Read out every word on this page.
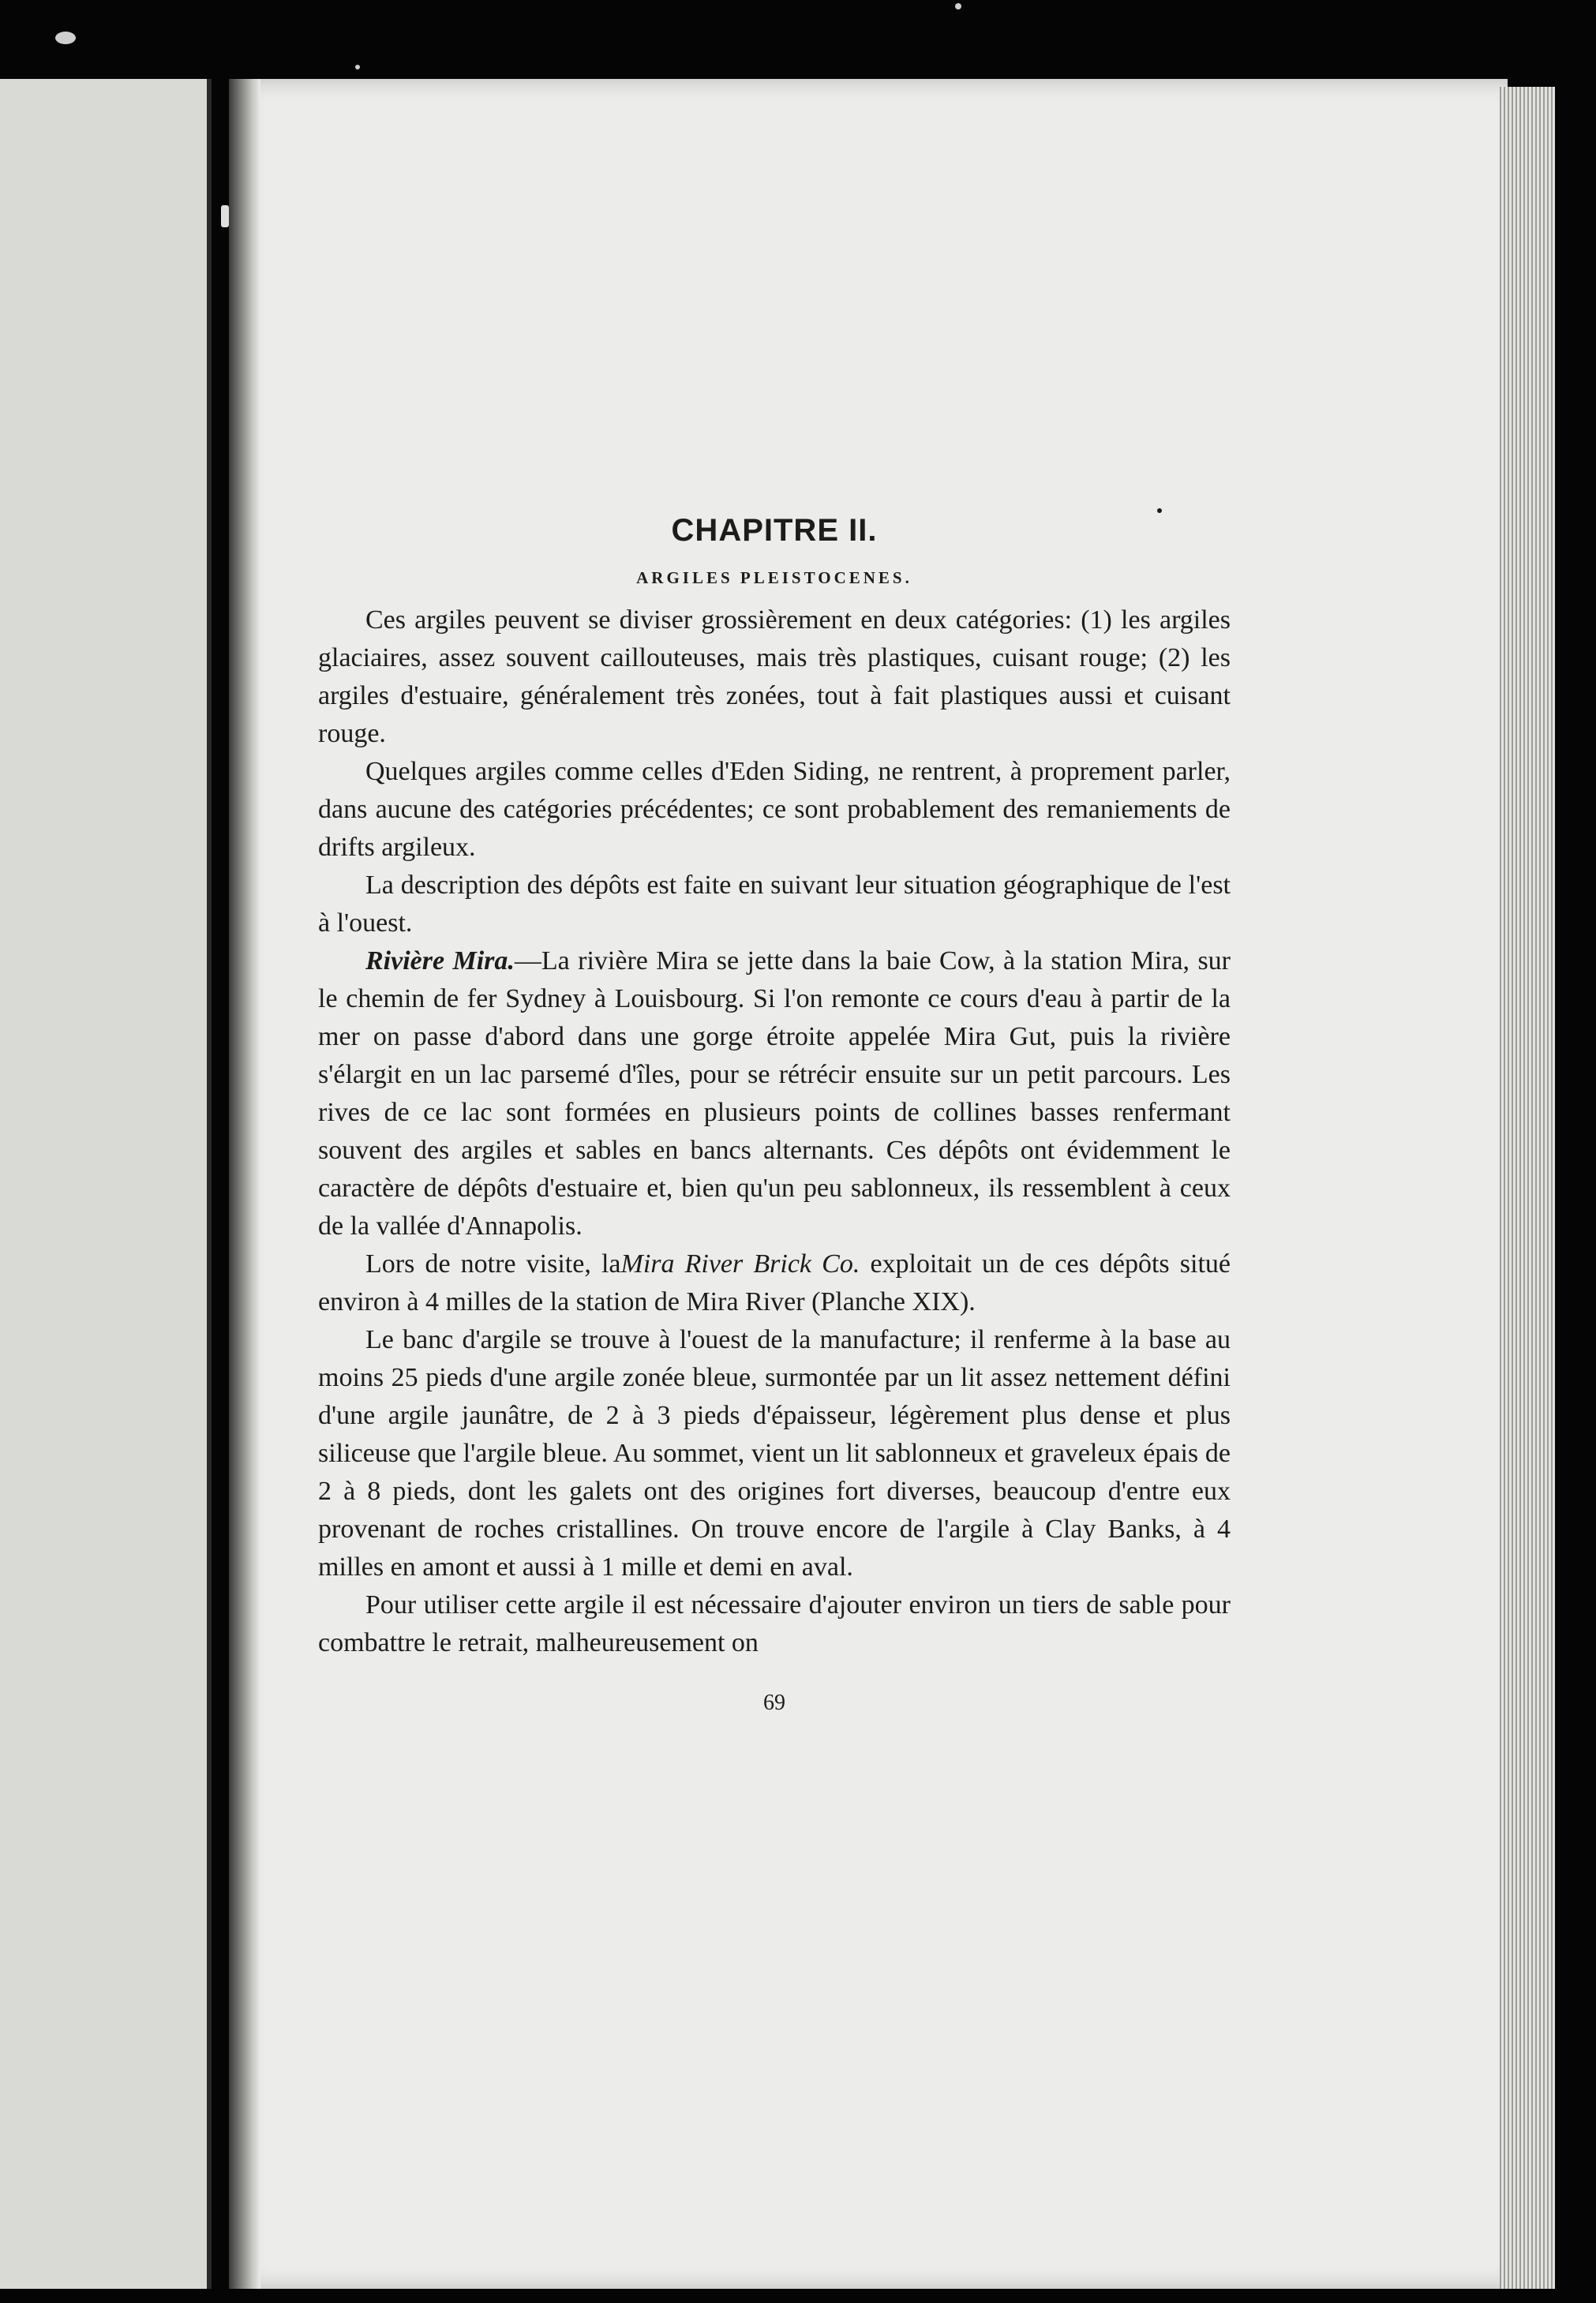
CHAPITRE II.
ARGILES PLEISTOCENES.

Ces argiles peuvent se diviser grossièrement en deux catégories: (1) les argiles glaciaires, assez souvent caillouteuses, mais très plastiques, cuisant rouge; (2) les argiles d'estuaire, généralement très zonées, tout à fait plastiques aussi et cuisant rouge.

Quelques argiles comme celles d'Eden Siding, ne rentrent, à proprement parler, dans aucune des catégories précédentes; ce sont probablement des remaniements de drifts argileux.

La description des dépôts est faite en suivant leur situation géographique de l'est à l'ouest.

Rivière Mira.—La rivière Mira se jette dans la baie Cow, à la station Mira, sur le chemin de fer Sydney à Louisbourg. Si l'on remonte ce cours d'eau à partir de la mer on passe d'abord dans une gorge étroite appelée Mira Gut, puis la rivière s'élargit en un lac parsemé d'îles, pour se rétrécir ensuite sur un petit parcours. Les rives de ce lac sont formées en plusieurs points de collines basses renfermant souvent des argiles et sables en bancs alternants. Ces dépôts ont évidemment le caractère de dépôts d'estuaire et, bien qu'un peu sablonneux, ils ressemblent à ceux de la vallée d'Annapolis.

Lors de notre visite, laMira River Brick Co. exploitait un de ces dépôts situé environ à 4 milles de la station de Mira River (Planche XIX).

Le banc d'argile se trouve à l'ouest de la manufacture; il renferme à la base au moins 25 pieds d'une argile zonée bleue, surmontée par un lit assez nettement défini d'une argile jaunâtre, de 2 à 3 pieds d'épaisseur, légèrement plus dense et plus siliceuse que l'argile bleue. Au sommet, vient un lit sablonneux et graveleux épais de 2 à 8 pieds, dont les galets ont des origines fort diverses, beaucoup d'entre eux provenant de roches cristallines. On trouve encore de l'argile à Clay Banks, à 4 milles en amont et aussi à 1 mille et demi en aval.

Pour utiliser cette argile il est nécessaire d'ajouter environ un tiers de sable pour combattre le retrait, malheureusement on

69
